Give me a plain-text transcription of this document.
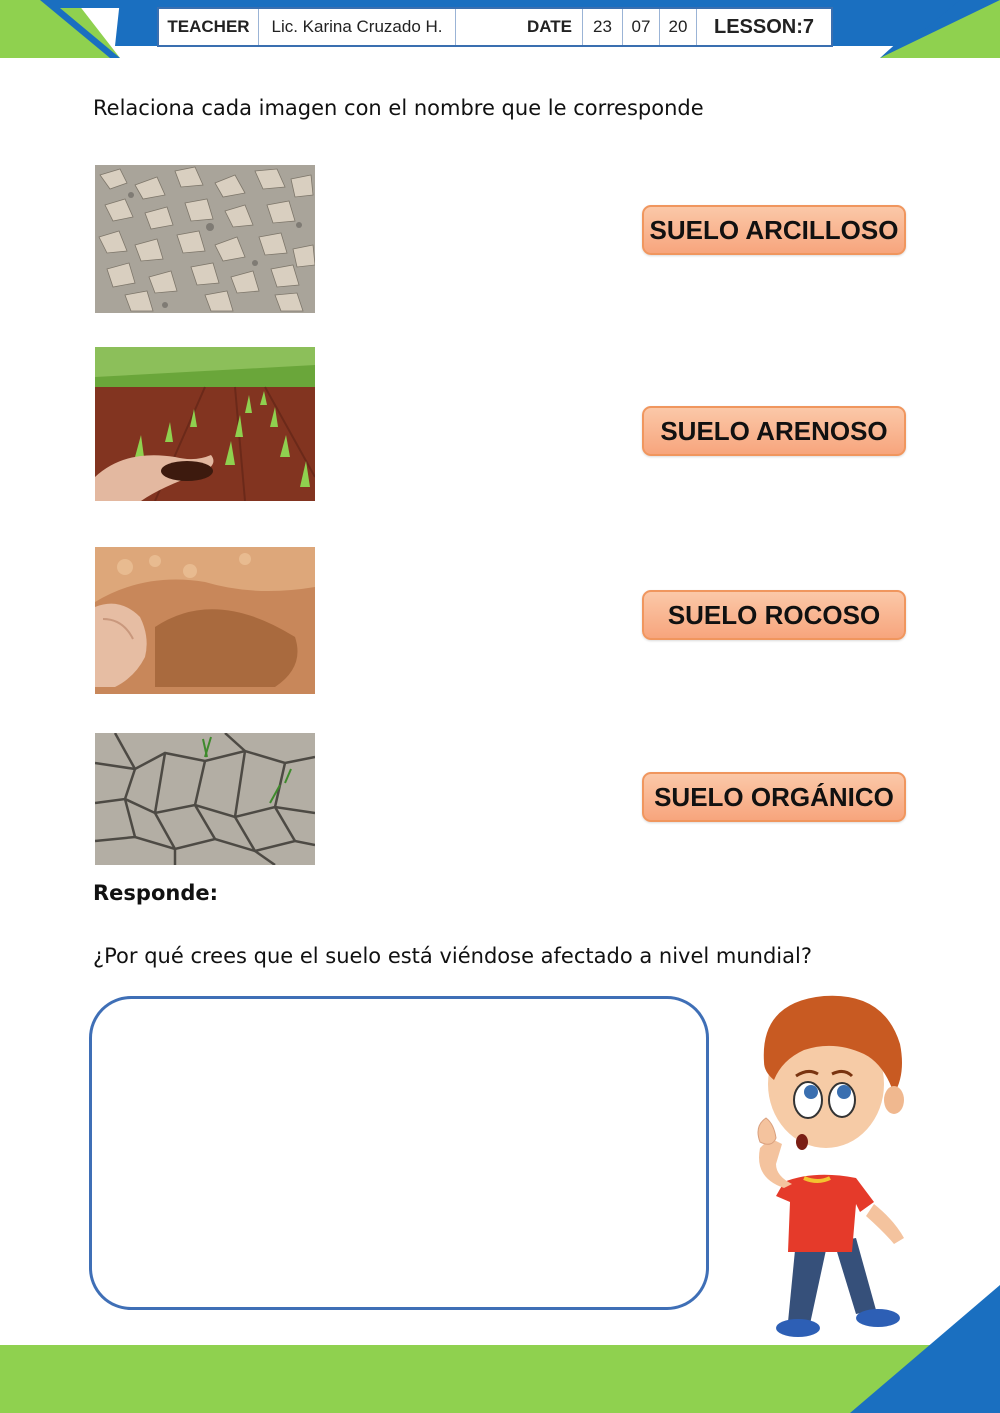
TEACHER	Lic. Karina Cruzado H.	DATE	23	07	20	LESSON:7
Relaciona cada imagen con el nombre que le corresponde
SUELO ARCILLOSO
SUELO ARENOSO
SUELO ROCOSO
SUELO ORGÁNICO
Responde:
¿Por qué crees que el suelo está viéndose afectado a nivel mundial?
